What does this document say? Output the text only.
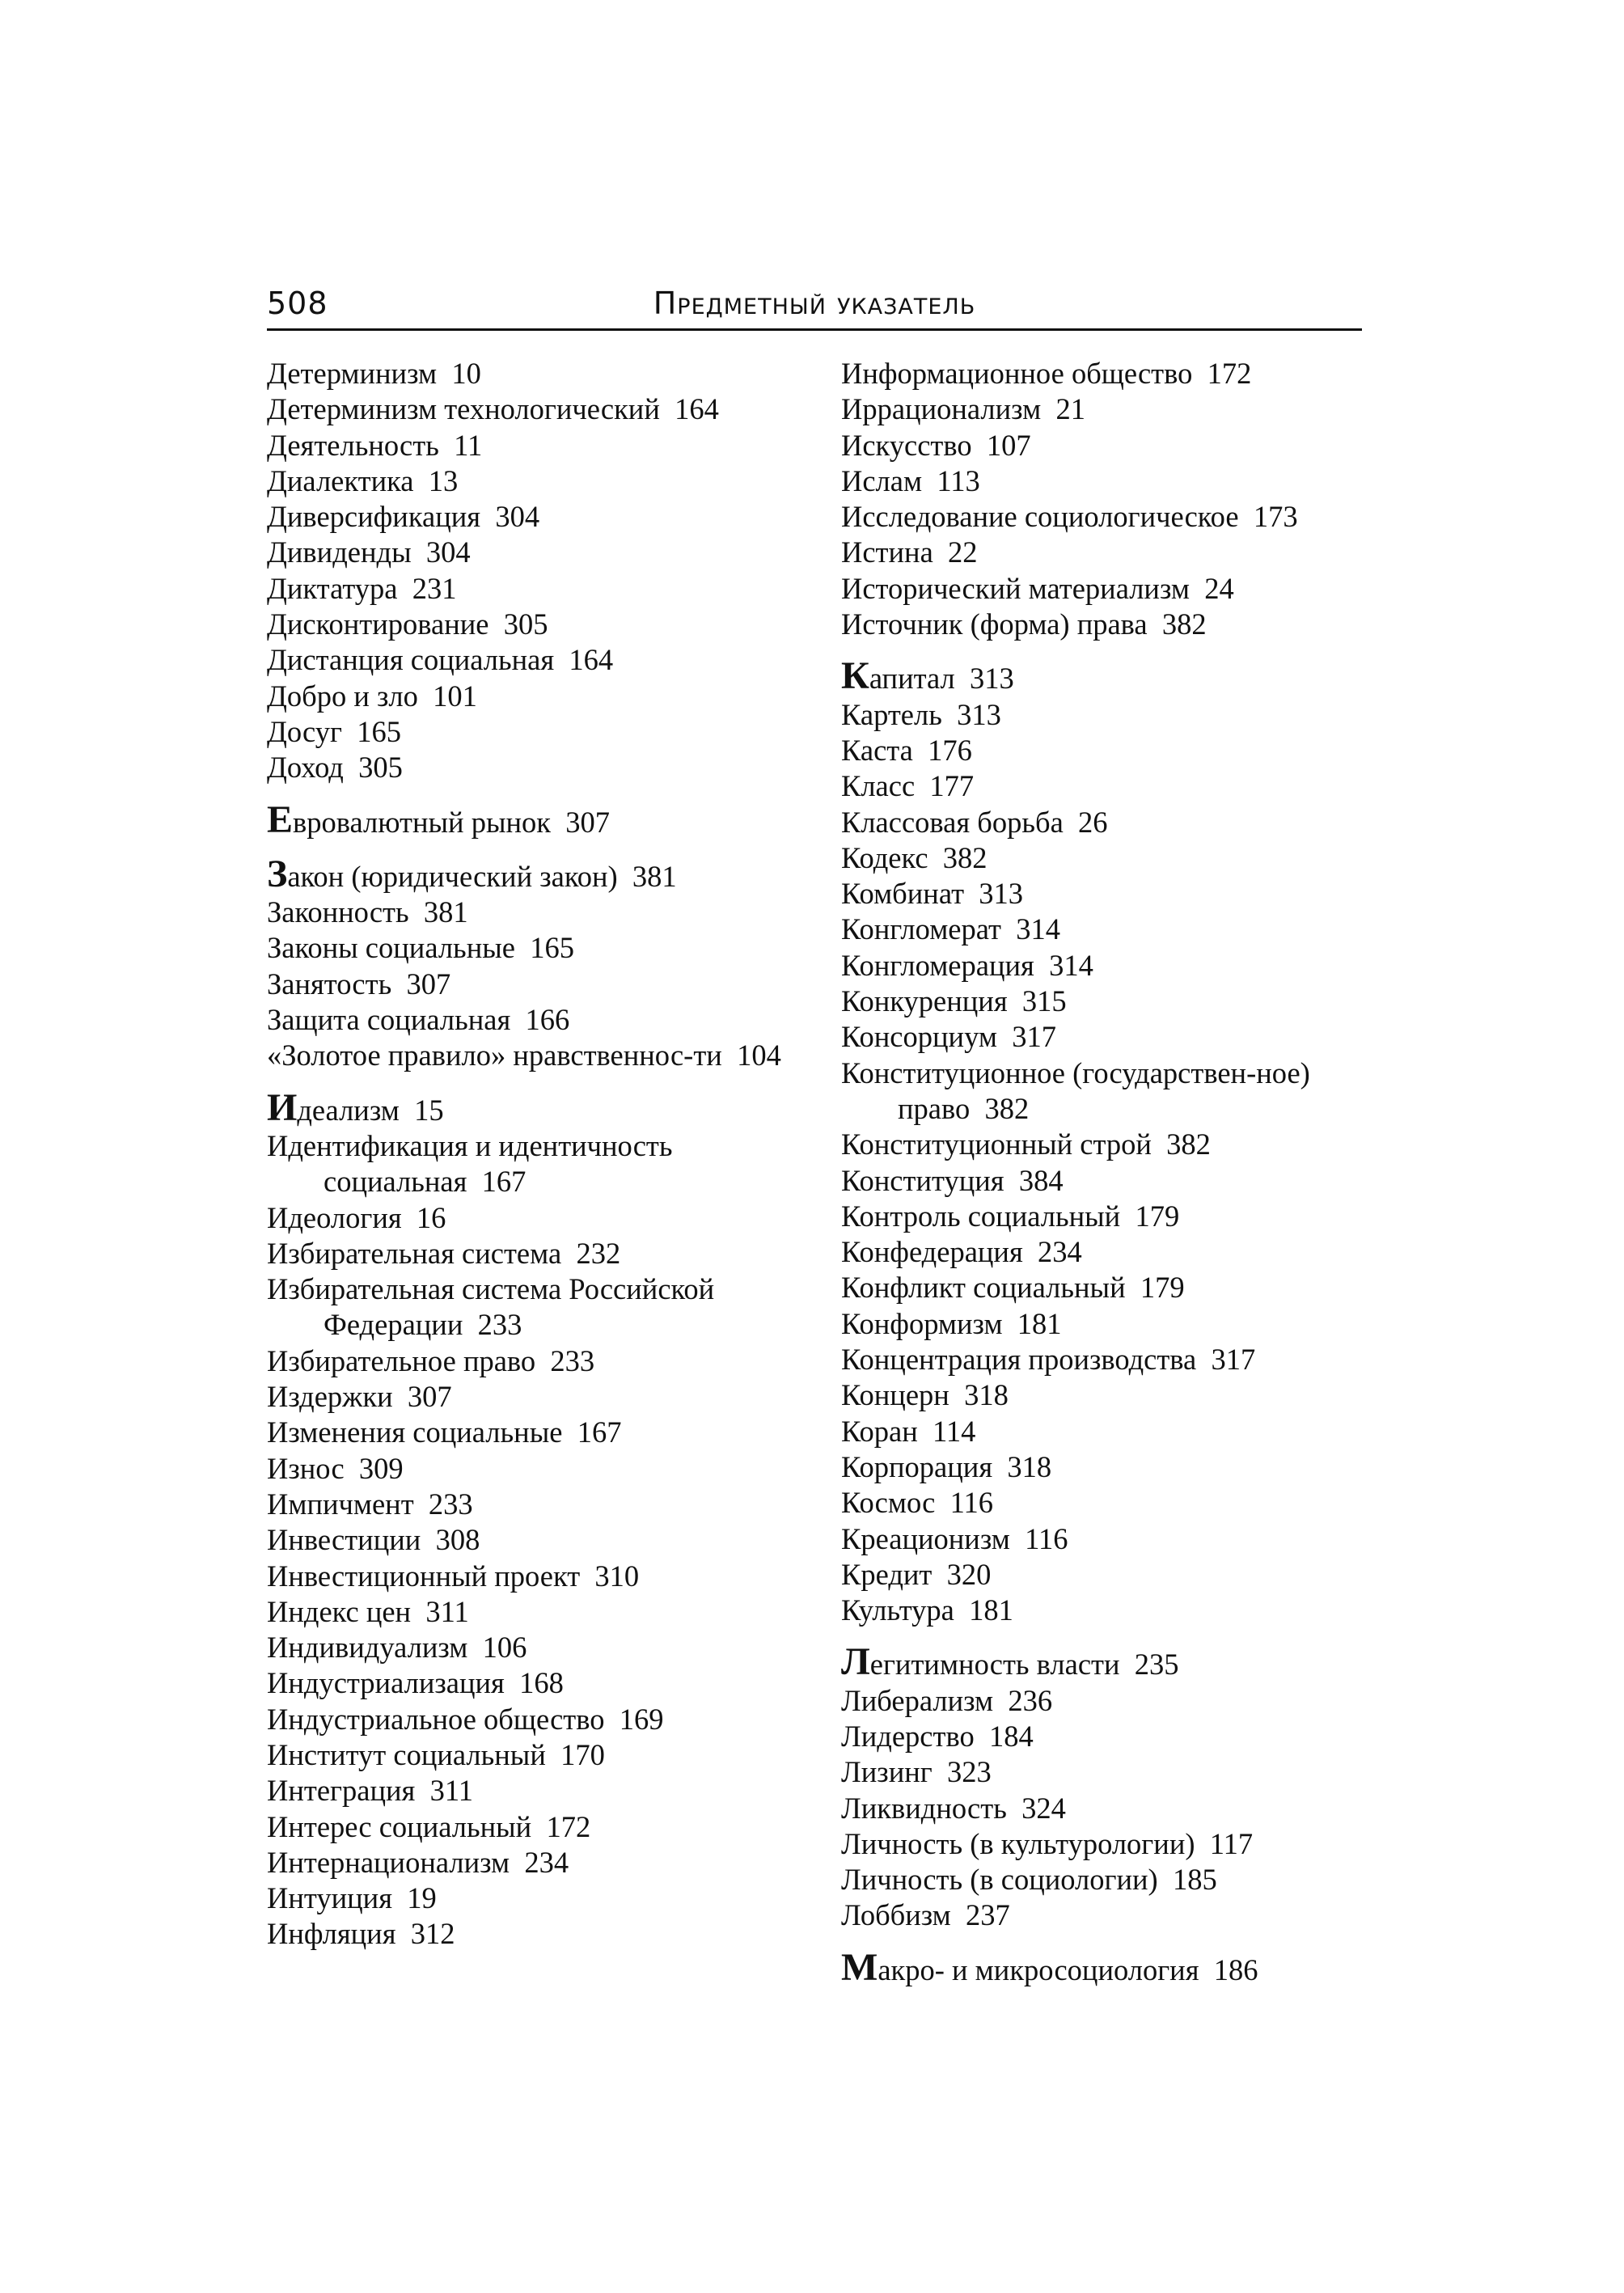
508	Предметный указатель

Детерминизм  10

Детерминизм технологический  164

Деятельность  11

Диалектика  13

Диверсификация  304

Дивиденды  304

Диктатура  231

Дисконтирование  305

Дистанция социальная  164

Добро и зло  101

Досуг  165

Доход  305

Евровалютный рынок  307

Закон (юридический закон)  381

Законность  381

Законы социальные  165

Занятость  307

Защита социальная  166

«Золотое правило» нравственнос-ти  104

Идеализм  15

Идентификация и идентичность социальная  167

Идеология  16

Избирательная система  232

Избирательная система Российской Федерации  233

Избирательное право  233

Издержки  307

Изменения социальные  167

Износ  309

Импичмент  233

Инвестиции  308

Инвестиционный проект  310

Индекс цен  311

Индивидуализм  106

Индустриализация  168

Индустриальное общество  169

Институт социальный  170

Интеграция  311

Интерес социальный  172

Интернационализм  234

Интуиция  19

Инфляция  312

Информационное общество  172

Иррационализм  21

Искусство  107

Ислам  113

Исследование социологическое  173

Истина  22

Исторический материализм  24

Источник (форма) права  382

Капитал  313

Картель  313

Каста  176

Класс  177

Классовая борьба  26

Кодекс  382

Комбинат  313

Конгломерат  314

Конгломерация  314

Конкуренция  315

Консорциум  317

Конституционное (государствен-ное) право  382

Конституционный строй  382

Конституция  384

Контроль социальный  179

Конфедерация  234

Конфликт социальный  179

Конформизм  181

Концентрация производства  317

Концерн  318

Коран  114

Корпорация  318

Космос  116

Креационизм  116

Кредит  320

Культура  181

Легитимность власти  235

Либерализм  236

Лидерство  184

Лизинг  323

Ликвидность  324

Личность (в культурологии)  117

Личность (в социологии)  185

Лоббизм  237

Макро- и микросоциология  186
